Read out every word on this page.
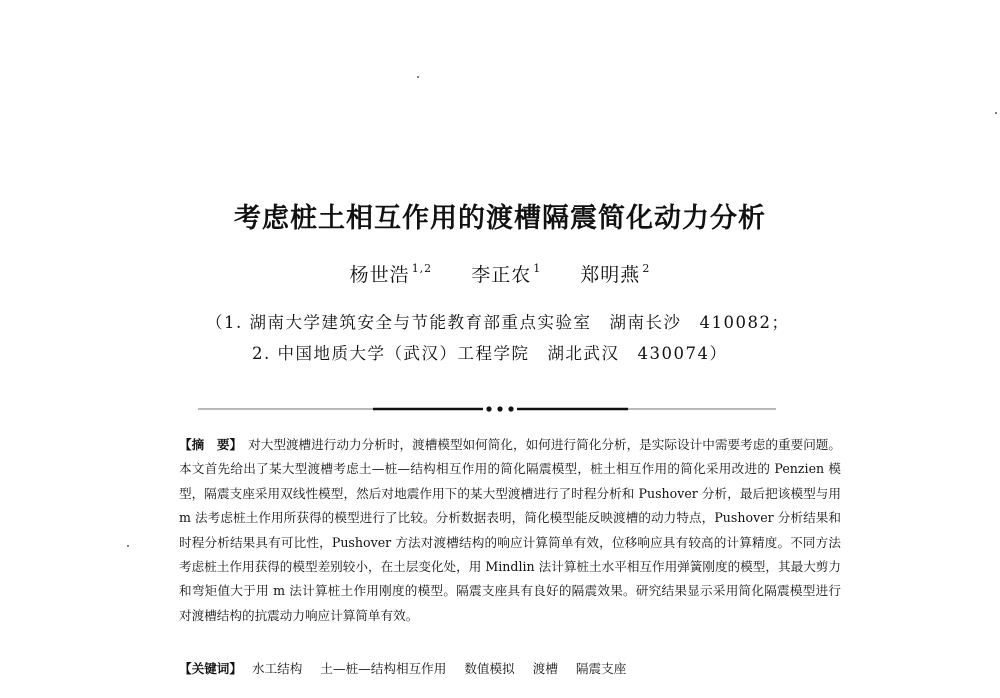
考虑桩土相互作用的渡槽隔震简化动力分析
杨世浩 $^{1,2}$ 李正农 $^1$ 郑明燕 $^2$
（1. 湖南大学建筑安全与节能教育部重点实验室　湖南长沙　410082；
2. 中国地质大学（武汉）工程学院　湖北武汉　430074）
【摘　要】 对大型渡槽进行动力分析时，渡槽模型如何简化，如何进行简化分析，是实际设计中需要考虑的重要问题。本文首先给出了某大型渡槽考虑土—桩—结构相互作用的简化隔震模型，桩土相互作用的简化采用改进的 Penzien 模型，隔震支座采用双线性模型，然后对地震作用下的某大型渡槽进行了时程分析和 Pushover 分析，最后把该模型与用 m 法考虑桩土作用所获得的模型进行了比较。分析数据表明，简化模型能反映渡槽的动力特点，Pushover 分析结果和时程分析结果具有可比性，Pushover 方法对渡槽结构的响应计算简单有效，位移响应具有较高的计算精度。不同方法考虑桩土作用获得的模型差别较小，在土层变化处，用 Mindlin 法计算桩土水平相互作用弹簧刚度的模型，其最大剪力和弯矩值大于用 m 法计算桩土作用刚度的模型。隔震支座具有良好的隔震效果。研究结果显示采用简化隔震模型进行对渡槽结构的抗震动力响应计算简单有效。
【关键词】 水工结构 土—桩—结构相互作用 数值模拟 渡槽 隔震支座
